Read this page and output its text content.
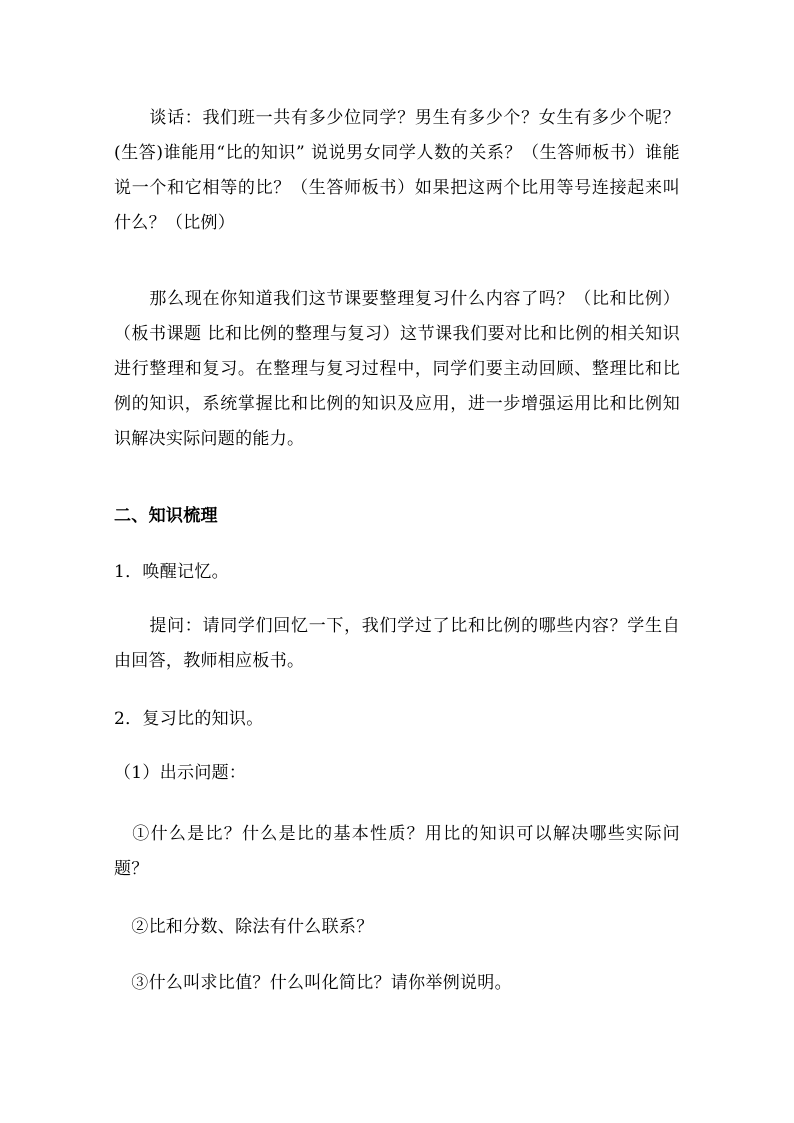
　　谈话：我们班一共有多少位同学？男生有多少个？女生有多少个呢？(生答)谁能用“比的知识” 说说男女同学人数的关系？（生答师板书）谁能说一个和它相等的比？（生答师板书）如果把这两个比用等号连接起来叫什么？（比例）

　　那么现在你知道我们这节课要整理复习什么内容了吗？（比和比例）（板书课题 比和比例的整理与复习）这节课我们要对比和比例的相关知识进行整理和复习。在整理与复习过程中，同学们要主动回顾、整理比和比例的知识，系统掌握比和比例的知识及应用，进一步增强运用比和比例知识解决实际问题的能力。

二、知识梳理

1．唤醒记忆。

　　提问：请同学们回忆一下，我们学过了比和比例的哪些内容？学生自由回答，教师相应板书。

2．复习比的知识。

（1）出示问题：

　①什么是比？什么是比的基本性质？用比的知识可以解决哪些实际问题？

　②比和分数、除法有什么联系？

　③什么叫求比值？什么叫化简比？请你举例说明。
